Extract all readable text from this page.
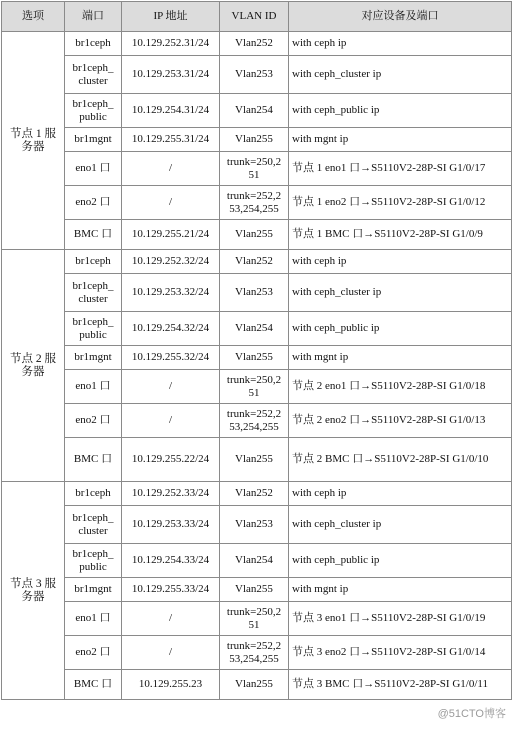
选项	端口	IP 地址	VLAN ID	对应设备及端口
节点 1 服务器	br1ceph	10.129.252.31/24	Vlan252	with ceph ip
	br1ceph_ cluster	10.129.253.31/24	Vlan253	with ceph_cluster ip
	br1ceph_ public	10.129.254.31/24	Vlan254	with ceph_public ip
	br1mgnt	10.129.255.31/24	Vlan255	with mgnt ip
	eno1 口	/	trunk=250,2 51	节点 1 eno1 口→S5110V2-28P-SI G1/0/17
	eno2 口	/	trunk=252,2 53,254,255	节点 1 eno2 口→S5110V2-28P-SI G1/0/12
	BMC 口	10.129.255.21/24	Vlan255	节点 1 BMC 口→S5110V2-28P-SI G1/0/9
节点 2 服务器	br1ceph	10.129.252.32/24	Vlan252	with ceph ip
	br1ceph_ cluster	10.129.253.32/24	Vlan253	with ceph_cluster ip
	br1ceph_ public	10.129.254.32/24	Vlan254	with ceph_public ip
	br1mgnt	10.129.255.32/24	Vlan255	with mgnt ip
	eno1 口	/	trunk=250,2 51	节点 2 eno1 口→S5110V2-28P-SI G1/0/18
	eno2 口	/	trunk=252,2 53,254,255	节点 2 eno2 口→S5110V2-28P-SI G1/0/13
	BMC 口	10.129.255.22/24	Vlan255	节点 2 BMC 口→S5110V2-28P-SI G1/0/10
节点 3 服务器	br1ceph	10.129.252.33/24	Vlan252	with ceph ip
	br1ceph_ cluster	10.129.253.33/24	Vlan253	with ceph_cluster ip
	br1ceph_ public	10.129.254.33/24	Vlan254	with ceph_public ip
	br1mgnt	10.129.255.33/24	Vlan255	with mgnt ip
	eno1 口	/	trunk=250,2 51	节点 3 eno1 口→S5110V2-28P-SI G1/0/19
	eno2 口	/	trunk=252,2 53,254,255	节点 3 eno2 口→S5110V2-28P-SI G1/0/14
	BMC 口	10.129.255.23	Vlan255	节点 3 BMC 口→S5110V2-28P-SI G1/0/11
@51CTO博客
